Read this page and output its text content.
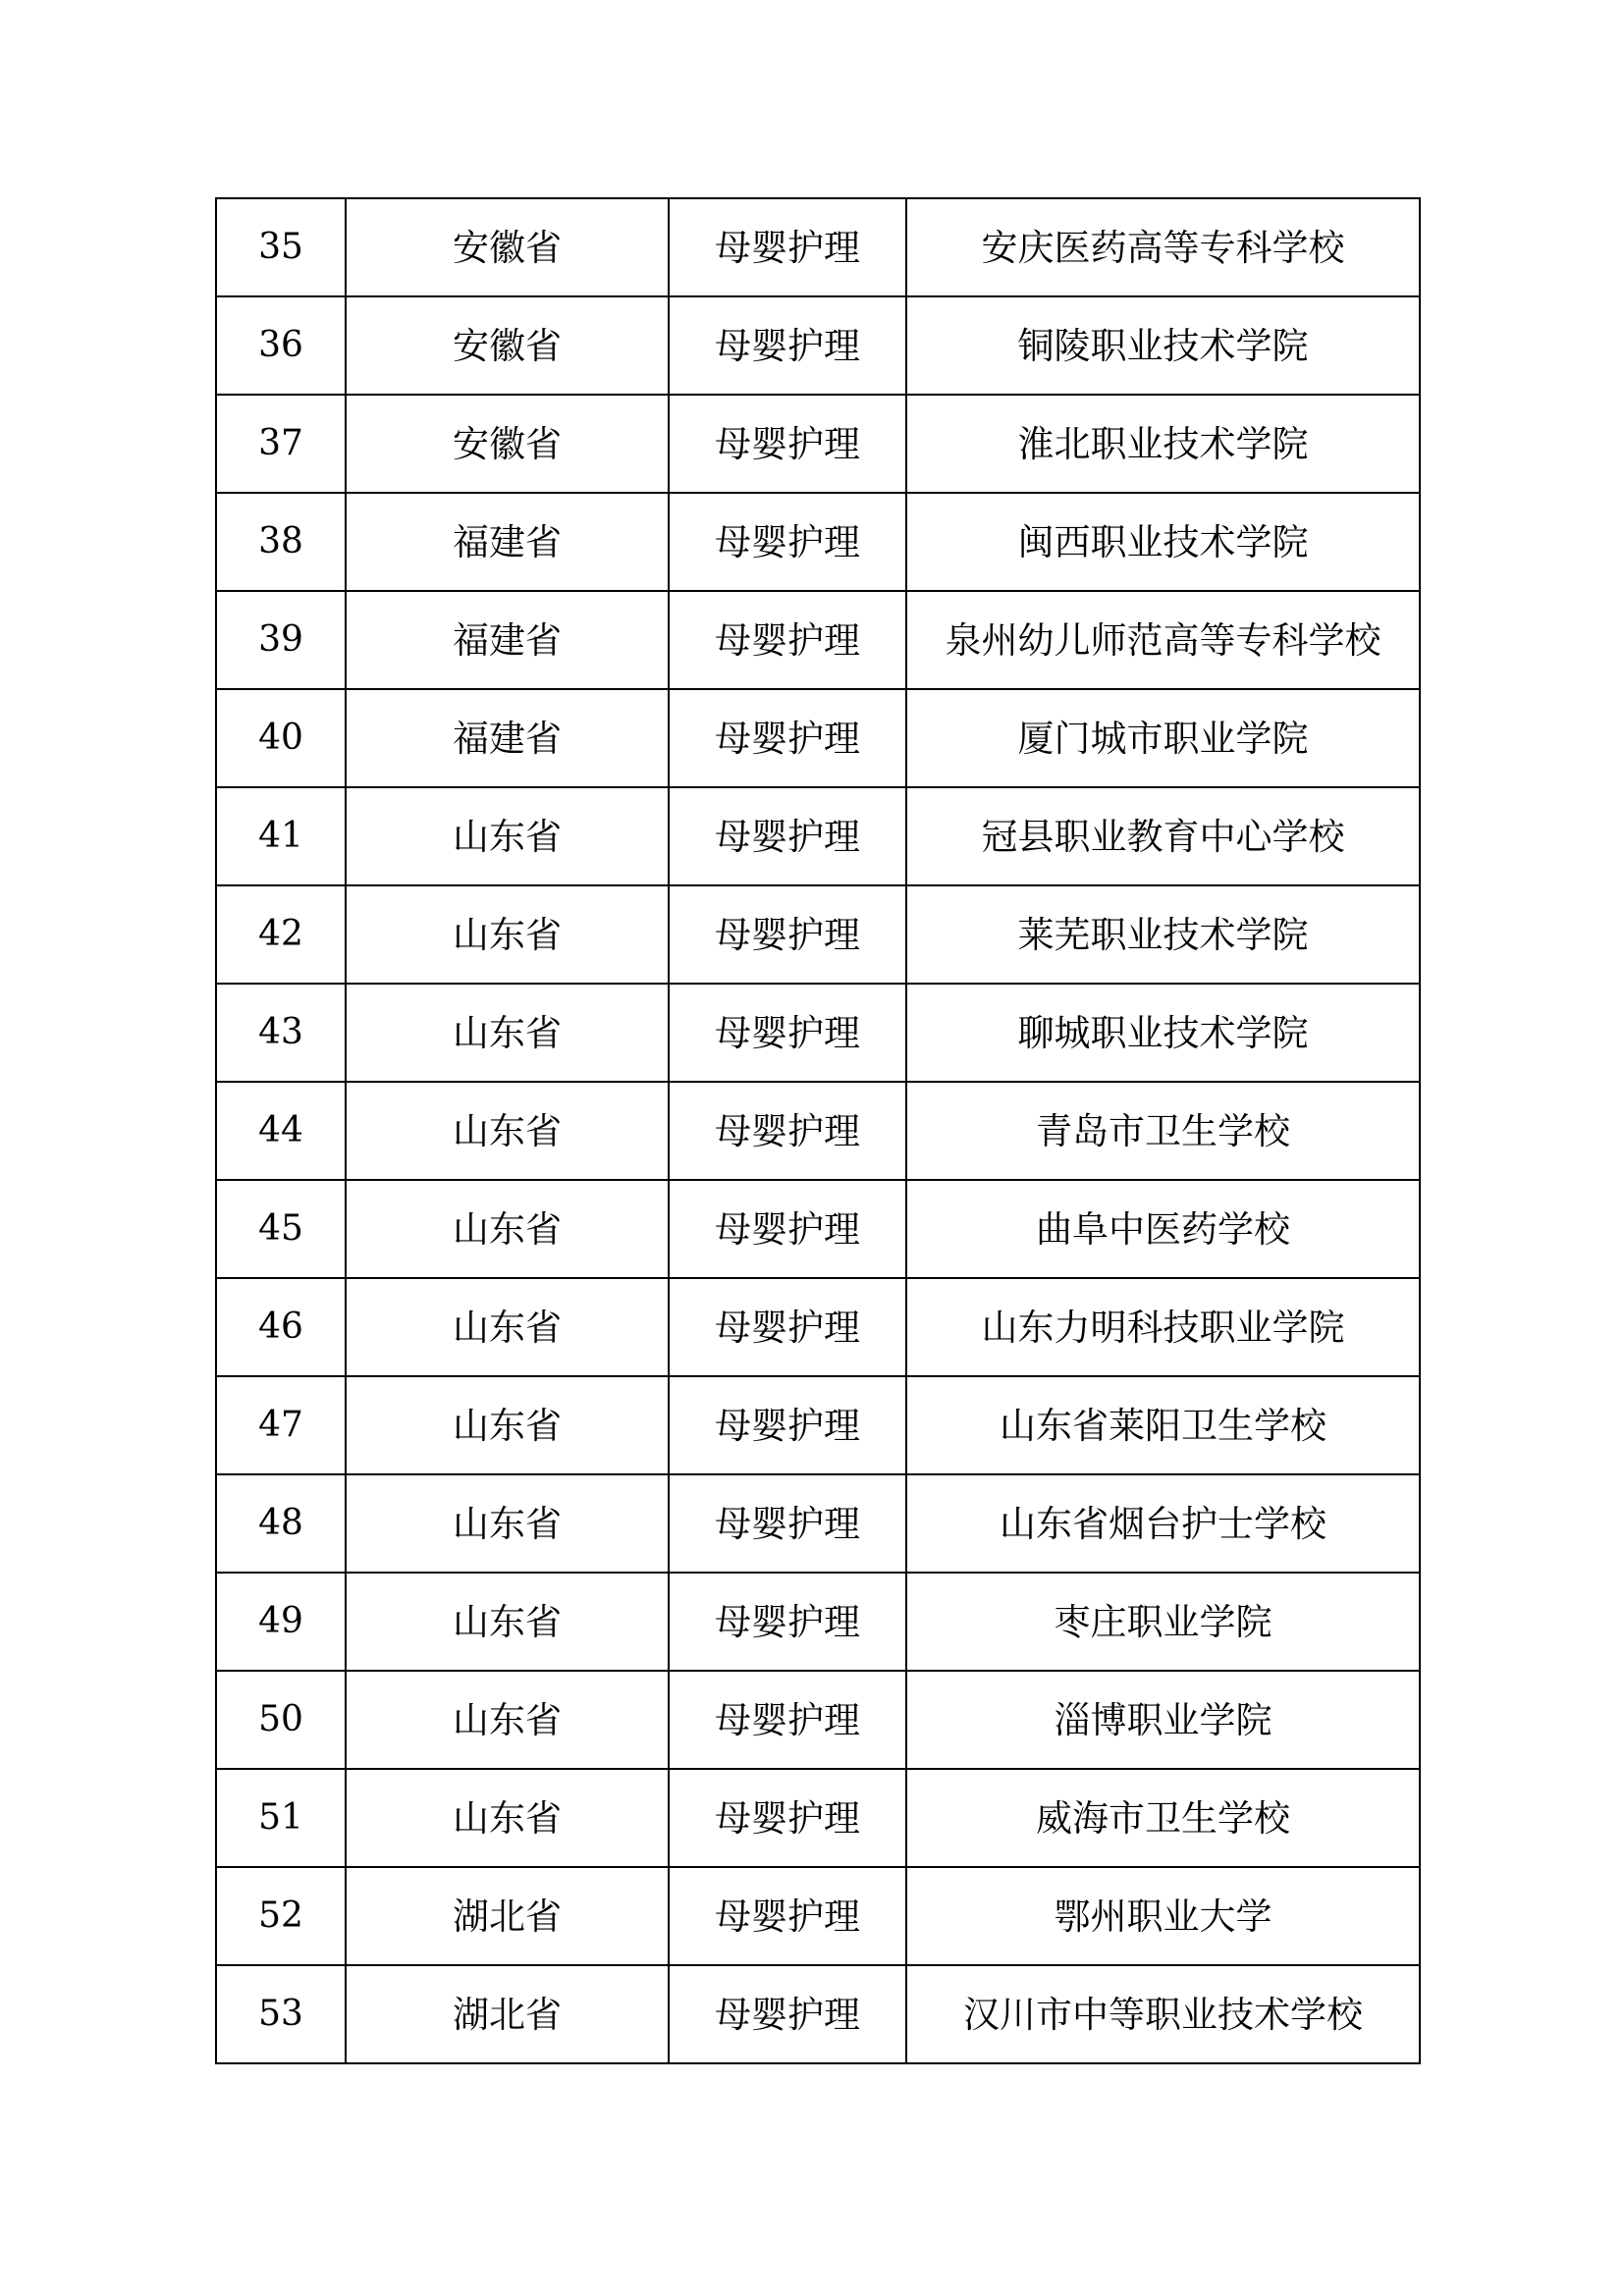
35	安徽省	母婴护理	安庆医药高等专科学校
36	安徽省	母婴护理	铜陵职业技术学院
37	安徽省	母婴护理	淮北职业技术学院
38	福建省	母婴护理	闽西职业技术学院
39	福建省	母婴护理	泉州幼儿师范高等专科学校
40	福建省	母婴护理	厦门城市职业学院
41	山东省	母婴护理	冠县职业教育中心学校
42	山东省	母婴护理	莱芜职业技术学院
43	山东省	母婴护理	聊城职业技术学院
44	山东省	母婴护理	青岛市卫生学校
45	山东省	母婴护理	曲阜中医药学校
46	山东省	母婴护理	山东力明科技职业学院
47	山东省	母婴护理	山东省莱阳卫生学校
48	山东省	母婴护理	山东省烟台护士学校
49	山东省	母婴护理	枣庄职业学院
50	山东省	母婴护理	淄博职业学院
51	山东省	母婴护理	威海市卫生学校
52	湖北省	母婴护理	鄂州职业大学
53	湖北省	母婴护理	汉川市中等职业技术学校
